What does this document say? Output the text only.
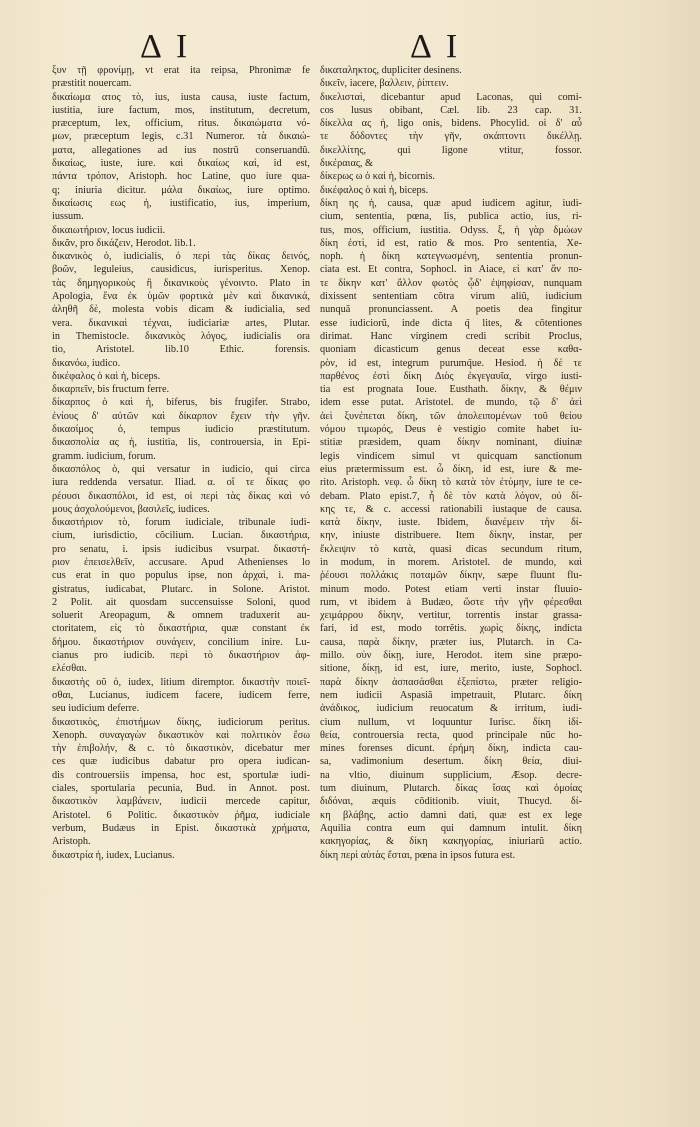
ΔΙ	ΔΙ
ξυν τῇ φρονίμῃ, vt erat ita reipsa, Phronimæ fe
præstitit nouercam.
δικαίωμα ατος τὸ, ius, iusta causa, iuste factum,
iustitia, iure factum, mos, institutum, decretum,
præceptum, lex, officium, ritus. δικαιώματα νό-
μων, præceptum legis, c.31 Numeror. τὰ δικαιώ-
ματα, allegationes ad ius nostrũ conseruandũ.
δικαίως, iuste, iure. καὶ δικαίως καὶ, id est,
πάντα τρόπον, Aristoph. hoc Latine, quo iure qua-
q; iniuria dicitur. μάλα δικαίως, iure optimo.
δικαίωσις εως ἡ, iustificatio, ius, imperium,
iussum.
δικαιωτήριον, locus iudicii.
δικᾶν, pro δικάζειν, Herodot. lib.1.
δικανικὸς ὁ, iudicialis, ὁ περὶ τὰς δίκας δεινός,
βοῶν, leguleius, causidicus, iurisperitus. Xenop.
τὰς δημηγορικοὺς ἢ δικανικοὺς γένοιντο. Plato in
Apologia, ἕνα ἐκ ὑμῶν φορτικὰ μὲν καὶ δικανικά,
ἀληθῆ δὲ, molesta vobis dicam & iudicialia, sed
vera. δικανικαὶ τέχναι, iudiciariæ artes, Plutar.
in Themistocle. δικανικὸς λόγος, iudicialis ora
tio, Aristotel. lib.10 Ethic. forensis.
δικανόω, iudico.
δικέφαλος ὁ καὶ ἡ, biceps.
δικαρπεῖν, bis fructum ferre.
δίκαρπος ὁ καὶ ἡ, biferus, bis frugifer. Strabo,
ἐνίους δ' αὐτῶν καὶ δίκαρπον ἔχειν τὴν γῆν.
δικασίμος ὁ, tempus iudicio præstitutum.
δικασπολία ας ἡ, iustitia, lis, controuersia, in Epi-
gramm. iudicium, forum.
δικασπόλος ὁ, qui versatur in iudicio, qui circa
iura reddenda versatur. Iliad. α. οἵ τε δίκας φο
ρέουσι δικασπόλοι, id est, οἱ περὶ τὰς δίκας καὶ νό
μους ἀσχολούμενοι, βασιλεῖς, iudices.
δικαστήριον τὸ, forum iudiciale, tribunale iudi-
cium, iurisdictio, cõcilium. Lucian. δικαστήρια,
pro senatu, i. ipsis iudicibus vsurpat. δικαστή-
ριον ἐπεισελθεῖν, accusare. Apud Athenienses lo
cus erat in quo populus ipse, non ἀρχαὶ, i. ma-
gistratus, iudicabat, Plutarc. in Solone. Aristot.
2 Polit. ait quosdam succensuisse Soloni, quod
soluerit Areopagum, & omnem traduxerit au-
ctoritatem, εἰς τὸ δικαστήρια, quæ constant ἐκ
δήμου. δικαστήριον συνάγειν, concilium inire. Lu-
cianus pro iudicib. περὶ τὸ δικαστήριον ἀφ-
ελέσθαι.
δικαστὴς οῦ ὁ, iudex, litium diremptor. δικαστὴν ποιεῖ-
σθαι, Lucianus, iudicem facere, iudicem ferre,
seu iudicium deferre.
δικαστικὸς, ἐπιστήμων δίκης, iudiciorum peritus.
Xenoph. συναγαγὼν δικαστικὸν καὶ πολιτικὸν ἔσω
τὴν ἐπιβολήν, & c. τὸ δικαστικὸν, dicebatur mer
ces quæ iudicibus dabatur pro opera iudican-
dis controuersiis impensa, hoc est, sportulæ iudi-
ciales, sportularia pecunia, Bud. in Annot. post.
δικαστικὸν λαμβάνειν, iudicii mercede capitur,
Aristotel. 6 Politic. δικαστικὸν ῥῆμα, iudiciale
verbum, Budæus in Epist. δικαστικὰ χρήματα,
Aristoph.
δικαστρία ἡ, iudex, Lucianus.
δικαταληκτος, dupliciter desinens.
δικεῖν, iacere, βαλλειν, ῥίπτειν.
δικελισταὶ, dicebantur apud Laconas, qui comi-
cos lusus obibant, Cæl. lib. 23 cap. 31.
δίκελλα ας ἡ, ligo onis, bidens. Phocylid. οἱ δ' αὖ
τε δόδοντες τὴν γῆν, σκάπτοντι δικέλλῃ.
δικελλίτης, qui ligone vtitur, fossor.
δικέραιας, &
δίκερως ω ὁ καὶ ἡ, bicornis.
δικέφαλος ὁ καὶ ἡ, biceps.
δίκη ης ἡ, causa, quæ apud iudicem agitur, iudi-
cium, sententia, pœna, lis, publica actio, ius, ri-
tus, mos, officium, iustitia. Odyss. ξ, ἡ γὰρ δμώων
δίκη ἐστὶ, id est, ratio & mos. Pro sententia, Xe-
noph. ἡ δίκη κατεγνωσμένη, sententia pronun-
ciata est. Et contra, Sophocl. in Aiace, εἰ κατ' ἄν πο-
τε δίκην κατ' ἄλλον φωτὸς ᾧδ' ἐψηφίσαν, nunquam
dixissent sententiam cõtra virum aliũ, iudicium
nunquã pronunciassent. A poetis dea fingitur
esse iudiciorũ, inde dicta q̃ lites, & cõtentiones
dirimat. Hanc virginem credi scribit Proclus,
quoniam dicasticum genus deceat esse καθα-
ρὸν, id est, integrum purumq̃ue. Hesiod. ἡ δέ τε
παρθένος ἐστὶ δίκη Διὸς ἐκγεγαυῖα, virgo iusti-
tia est prognata Ioue. Eusthath. δίκην, & θέμιν
idem esse putat. Aristotel. de mundo, τῷ δ' ἀεὶ
ἀεὶ ξυνέπεται δίκη, τῶν ἀπολειπομένων τοῦ θείου
νόμου τιμωρός, Deus è vestigio comite habet iu-
stitiæ præsidem, quam δίκην nominant, diuinæ
legis vindicem simul vt quicquam sanctionum
eius prætermissum est. ὦ δίκη, id est, iure & me-
rito. Aristoph. νεφ. ὦ δίκη τὸ κατὰ τὸν ἐτύμην, iure te ce-
debam. Plato epist.7, ἦ δὲ τὸν κατὰ λόγον, οὐ δί-
κης τε, & c. accessi rationabili iustaque de causa.
κατὰ δίκην, iuste. Ibidem, διανέμειν τὴν δί-
κην, iniuste distribuere. Item δίκην, instar, per
ἔκλειψιν τὸ κατὰ, quasi dicas secundum ritum,
in modum, in morem. Aristotel. de mundo, καὶ
ῥέουσι πολλάκις ποταμῶν δίκην, sæpe fluunt flu-
minum modo. Potest etiam verti instar fluuio-
rum, vt ibidem à Budæo, ὥστε τὴν γῆν φέρεσθαι
χειμάρρου δίκην, vertitur, torrentis instar grassa-
fari, id est, modo torrẽtis. χωρὶς δίκης, indicta
causa, παρὰ δίκην, præter ius, Plutarch. in Ca-
millo. σὺν δίκῃ, iure, Herodot. item sine præpo-
sitione, δίκῃ, id est, iure, merito, iuste, Sophocl.
παρὰ δίκην ἀσπασάσθαι ἐξεπίστω, præter religio-
nem iudicii Aspasiã impetrauit, Plutarc. δίκη
ἀνάδικος, iudicium reuocatum & irritum, iudi-
cium nullum, vt loquuntur Iurisc. δίκη ἰδί-
θεία, controuersia recta, quod principale nũc ho-
mines forenses dicunt. ἐρήμη δίκη, indicta cau-
sa, vadimonium desertum. δίκη θεία, diui-
na vltio, diuinum supplicium, Æsop. decre-
tum diuinum, Plutarch. δίκας ἴσας καὶ ὁμοίας
διδόναι, æquis cõditionib. viuit, Thucyd. δί-
κη βλάβης, actio damni dati, quæ est ex lege
Aquilia contra eum qui damnum intulit. δίκη
κακηγορίας, & δίκη κακηγορίας, iniuriarũ actio.
δίκη περὶ αὑτὰς ἔσται, pœna in ipsos futura est.
